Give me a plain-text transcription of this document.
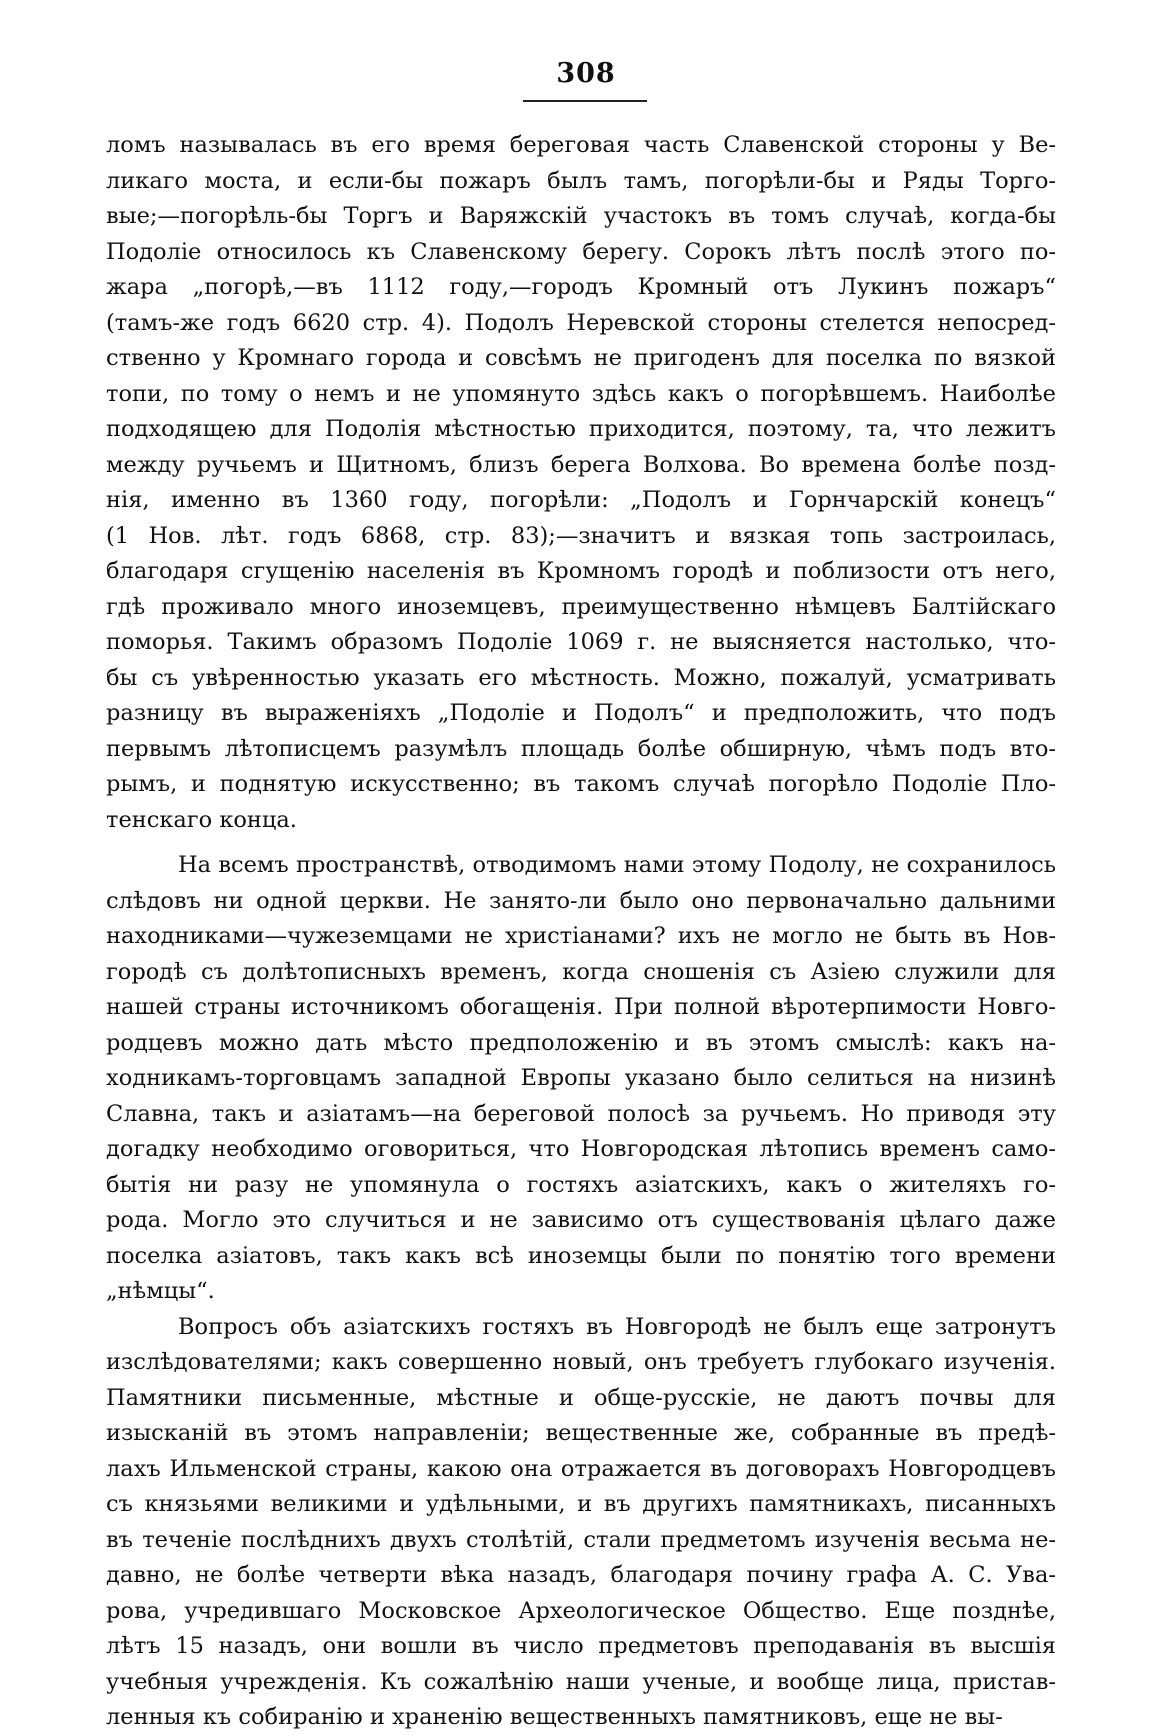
308
ломъ называлась въ его время береговая часть Славенской стороны у Ве-
ликаго моста, и если-бы пожаръ былъ тамъ, погорѣли-бы и Ряды Торго-
вые;—погорѣль-бы Торгъ и Варяжскій участокъ въ томъ случаѣ, когда-бы
Подоліе относилось къ Славенскому берегу. Сорокъ лѣтъ послѣ этого по-
жара „погорѣ,—въ 1112 году,—городъ Кромный отъ Лукинъ пожаръ“
(тамъ-же годъ 6620 стр. 4). Подолъ Неревской стороны стелется непосред-
ственно у Кромнаго города и совсѣмъ не пригоденъ для поселка по вязкой
топи, по тому о немъ и не упомянуто здѣсь какъ о погорѣвшемъ. Наиболѣе
подходящею для Подолія мѣстностью приходится, поэтому, та, что лежитъ
между ручьемъ и Щитномъ, близъ берега Волхова. Во времена болѣе позд-
нія, именно въ 1360 году, погорѣли: „Подолъ и Горнчарскій конецъ“
(1 Нов. лѣт. годъ 6868, стр. 83);—значитъ и вязкая топь застроилась,
благодаря сгущенію населенія въ Кромномъ городѣ и поблизости отъ него,
гдѣ проживало много иноземцевъ, преимущественно нѣмцевъ Балтійскаго
поморья. Такимъ образомъ Подоліе 1069 г. не выясняется настолько, что-
бы съ увѣренностью указать его мѣстность. Можно, пожалуй, усматривать
разницу въ выраженіяхъ „Подоліе и Подолъ“ и предположить, что подъ
первымъ лѣтописцемъ разумѣлъ площадь болѣе обширную, чѣмъ подъ вто-
рымъ, и поднятую искусственно; въ такомъ случаѣ погорѣло Подоліе Пло-
тенскаго конца.
На всемъ пространствѣ, отводимомъ нами этому Подолу, не сохранилось
слѣдовъ ни одной церкви. Не занято-ли было оно первоначально дальними
находниками—чужеземцами не христіанами? ихъ не могло не быть въ Нов-
городѣ съ долѣтописныхъ временъ, когда сношенія съ Азіею служили для
нашей страны источникомъ обогащенія. При полной вѣротерпимости Новго-
родцевъ можно дать мѣсто предположенію и въ этомъ смыслѣ: какъ на-
ходникамъ-торговцамъ западной Европы указано было селиться на низинѣ
Славна, такъ и азіатамъ—на береговой полосѣ за ручьемъ. Но приводя эту
догадку необходимо оговориться, что Новгородская лѣтопись временъ само-
бытія ни разу не упомянула о гостяхъ азіатскихъ, какъ о жителяхъ го-
рода. Могло это случиться и не зависимо отъ существованія цѣлаго даже
поселка азіатовъ, такъ какъ всѣ иноземцы были по понятію того времени
„нѣмцы“.
Вопросъ объ азіатскихъ гостяхъ въ Новгородѣ не былъ еще затронутъ
изслѣдователями; какъ совершенно новый, онъ требуетъ глубокаго изученія.
Памятники письменные, мѣстные и обще-русскіе, не даютъ почвы для
изысканій въ этомъ направленіи; вещественные же, собранные въ предѣ-
лахъ Ильменской страны, какою она отражается въ договорахъ Новгородцевъ
съ князьями великими и удѣльными, и въ другихъ памятникахъ, писанныхъ
въ теченіе послѣднихъ двухъ столѣтій, стали предметомъ изученія весьма не-
давно, не болѣе четверти вѣка назадъ, благодаря почину графа А. С. Ува-
рова, учредившаго Московское Археологическое Общество. Еще позднѣе,
лѣтъ 15 назадъ, они вошли въ число предметовъ преподаванія въ высшія
учебныя учрежденія. Къ сожалѣнію наши ученые, и вообще лица, пристав-
ленныя къ собиранію и храненію вещественныхъ памятниковъ, еще не вы-
